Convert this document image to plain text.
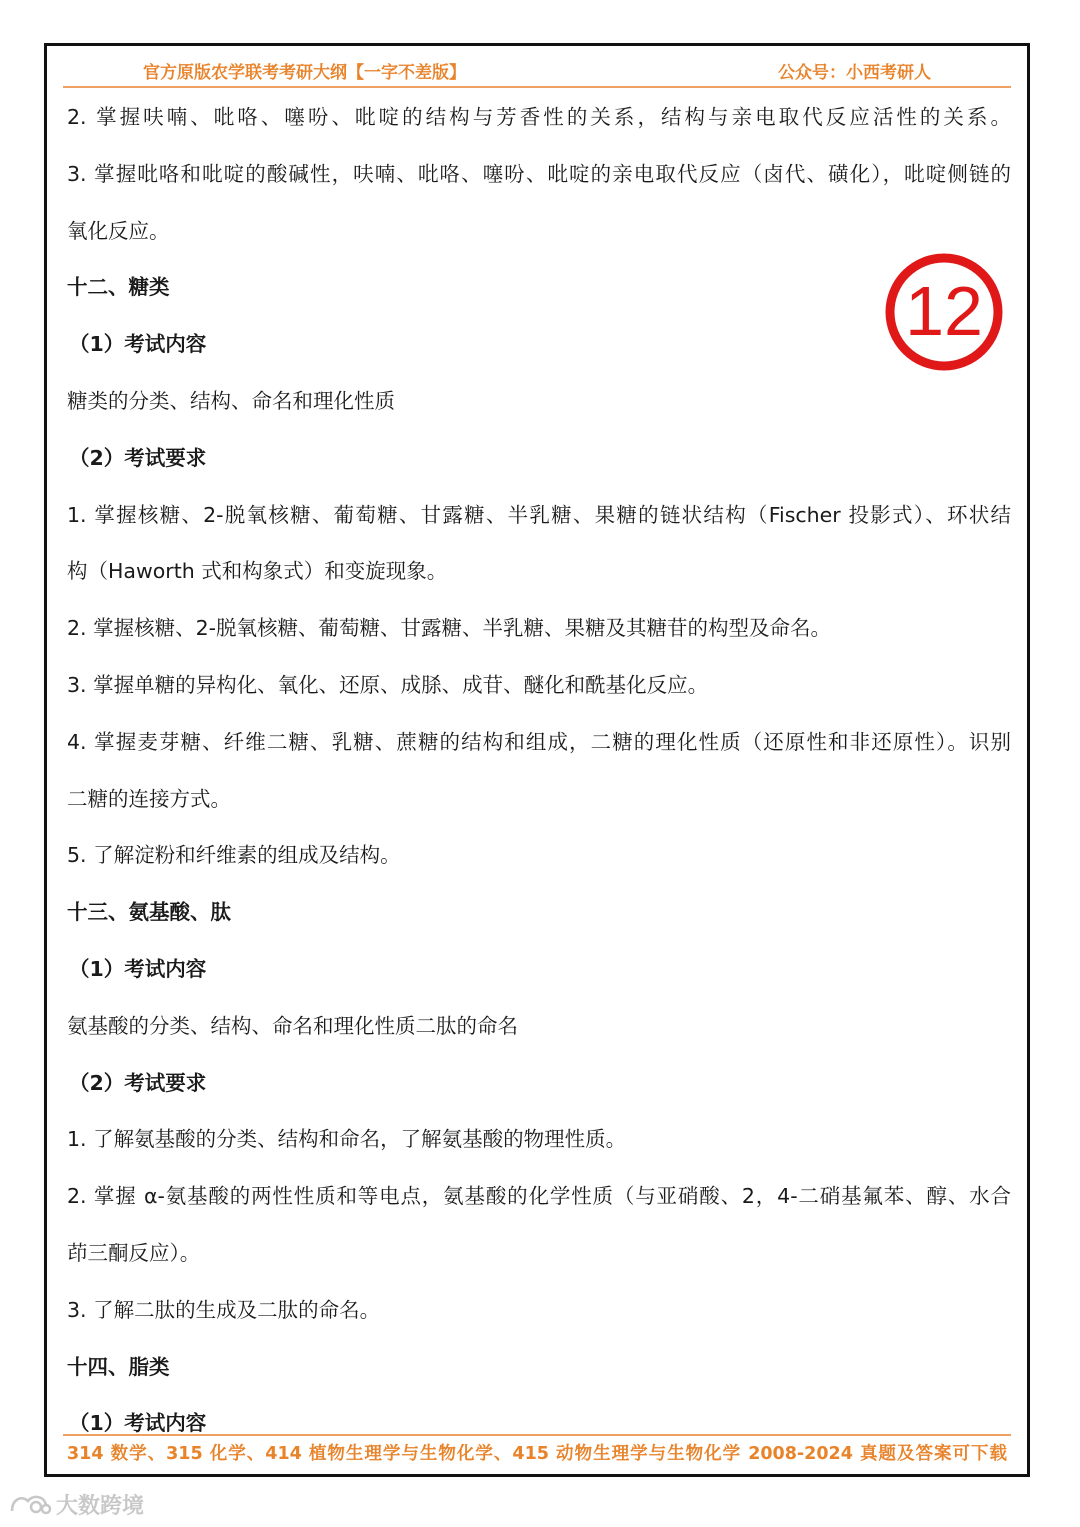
官方原版农学联考考研大纲【一字不差版】	公众号：小西考研人
2. 掌握呋喃、吡咯、噻吩、吡啶的结构与芳香性的关系，结构与亲电取代反应活性的关系。
3. 掌握吡咯和吡啶的酸碱性，呋喃、吡咯、噻吩、吡啶的亲电取代反应（卤代、磺化），吡啶侧链的
氧化反应。
十二、糖类
（1）考试内容
糖类的分类、结构、命名和理化性质
（2）考试要求
1. 掌握核糖、2-脱氧核糖、葡萄糖、甘露糖、半乳糖、果糖的链状结构（Fischer 投影式）、环状结
构（Haworth 式和构象式）和变旋现象。
2. 掌握核糖、2-脱氧核糖、葡萄糖、甘露糖、半乳糖、果糖及其糖苷的构型及命名。
3. 掌握单糖的异构化、氧化、还原、成脎、成苷、醚化和酰基化反应。
4. 掌握麦芽糖、纤维二糖、乳糖、蔗糖的结构和组成，二糖的理化性质（还原性和非还原性）。识别
二糖的连接方式。
5. 了解淀粉和纤维素的组成及结构。
十三、氨基酸、肽
（1）考试内容
氨基酸的分类、结构、命名和理化性质二肽的命名
（2）考试要求
1. 了解氨基酸的分类、结构和命名，了解氨基酸的物理性质。
2. 掌握 α-氨基酸的两性性质和等电点，氨基酸的化学性质（与亚硝酸、2，4-二硝基氟苯、醇、水合
茚三酮反应）。
3. 了解二肽的生成及二肽的命名。
十四、脂类
（1）考试内容
12
314 数学、315 化学、414 植物生理学与生物化学、415 动物生理学与生物化学 2008-2024 真题及答案可下载
大数跨境
